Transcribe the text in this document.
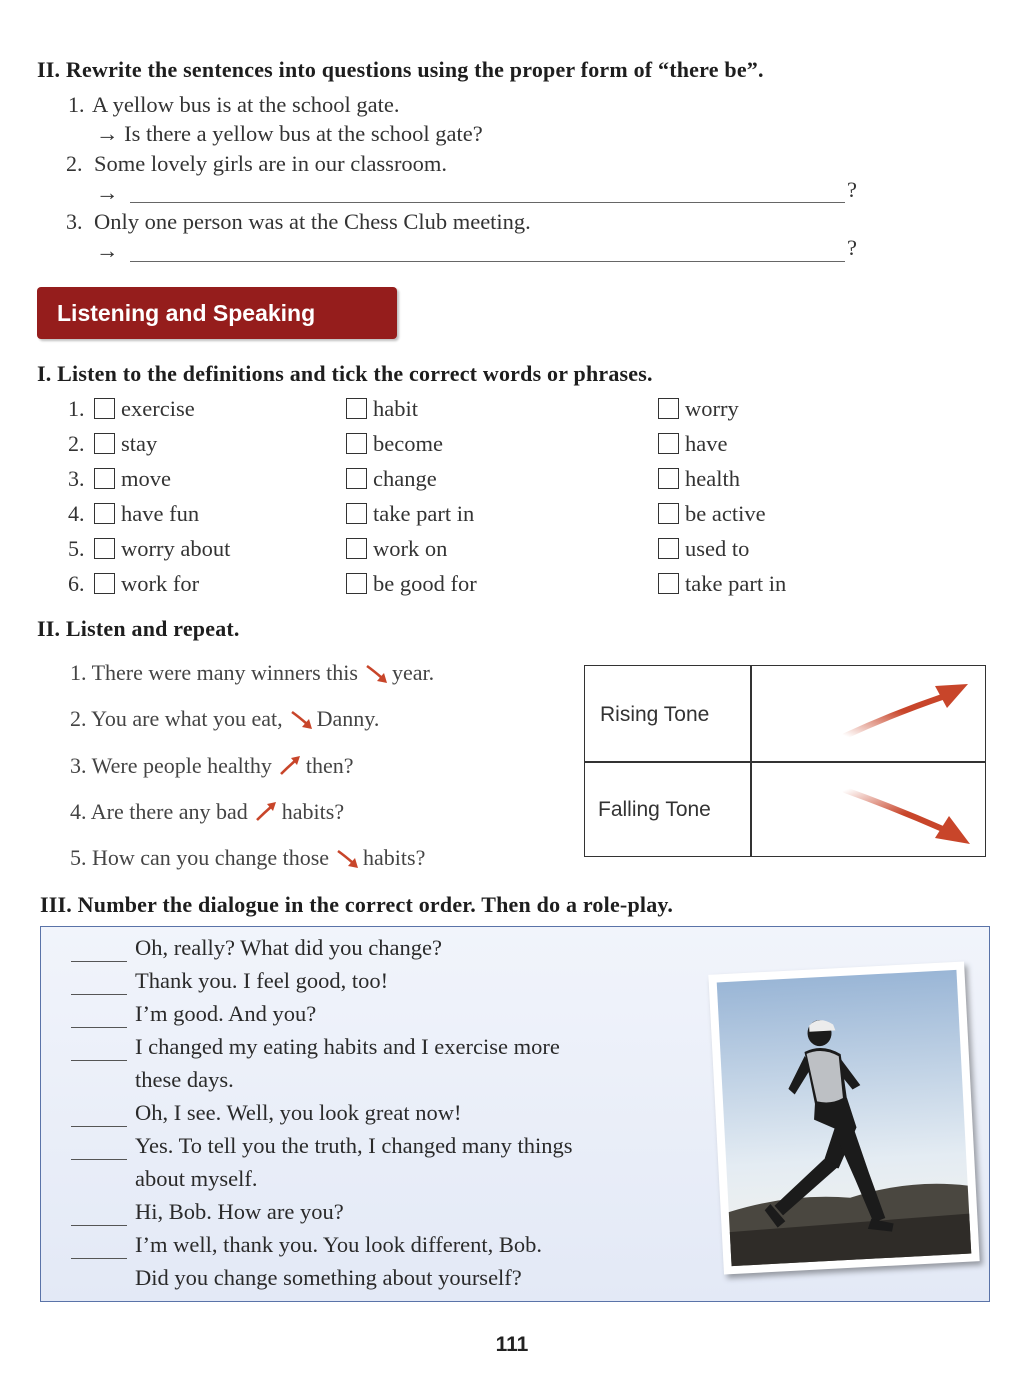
II. Rewrite the sentences into questions using the proper form of “there be”.
1. A yellow bus is at the school gate.
→ Is there a yellow bus at the school gate?
2. Some lovely girls are in our classroom.
→	?
3. Only one person was at the Chess Club meeting.
→	?
Listening and Speaking
I. Listen to the definitions and tick the correct words or phrases.
1.	exercise	habit	worry
2.	stay	become	have
3.	move	change	health
4.	have fun	take part in	be active
5.	worry about	work on	used to
6.	work for	be good for	take part in
II. Listen and repeat.
1. There were many winners this year.
2. You are what you eat, Danny.
3. Were people healthy then?
4. Are there any bad habits?
5. How can you change those habits?
Rising Tone
Falling Tone
III. Number the dialogue in the correct order. Then do a role-play.
Oh, really? What did you change?
Thank you. I feel good, too!
I’m good. And you?
I changed my eating habits and I exercise more
these days.
Oh, I see. Well, you look great now!
Yes. To tell you the truth, I changed many things
about myself.
Hi, Bob. How are you?
I’m well, thank you. You look different, Bob.
Did you change something about yourself?
111
